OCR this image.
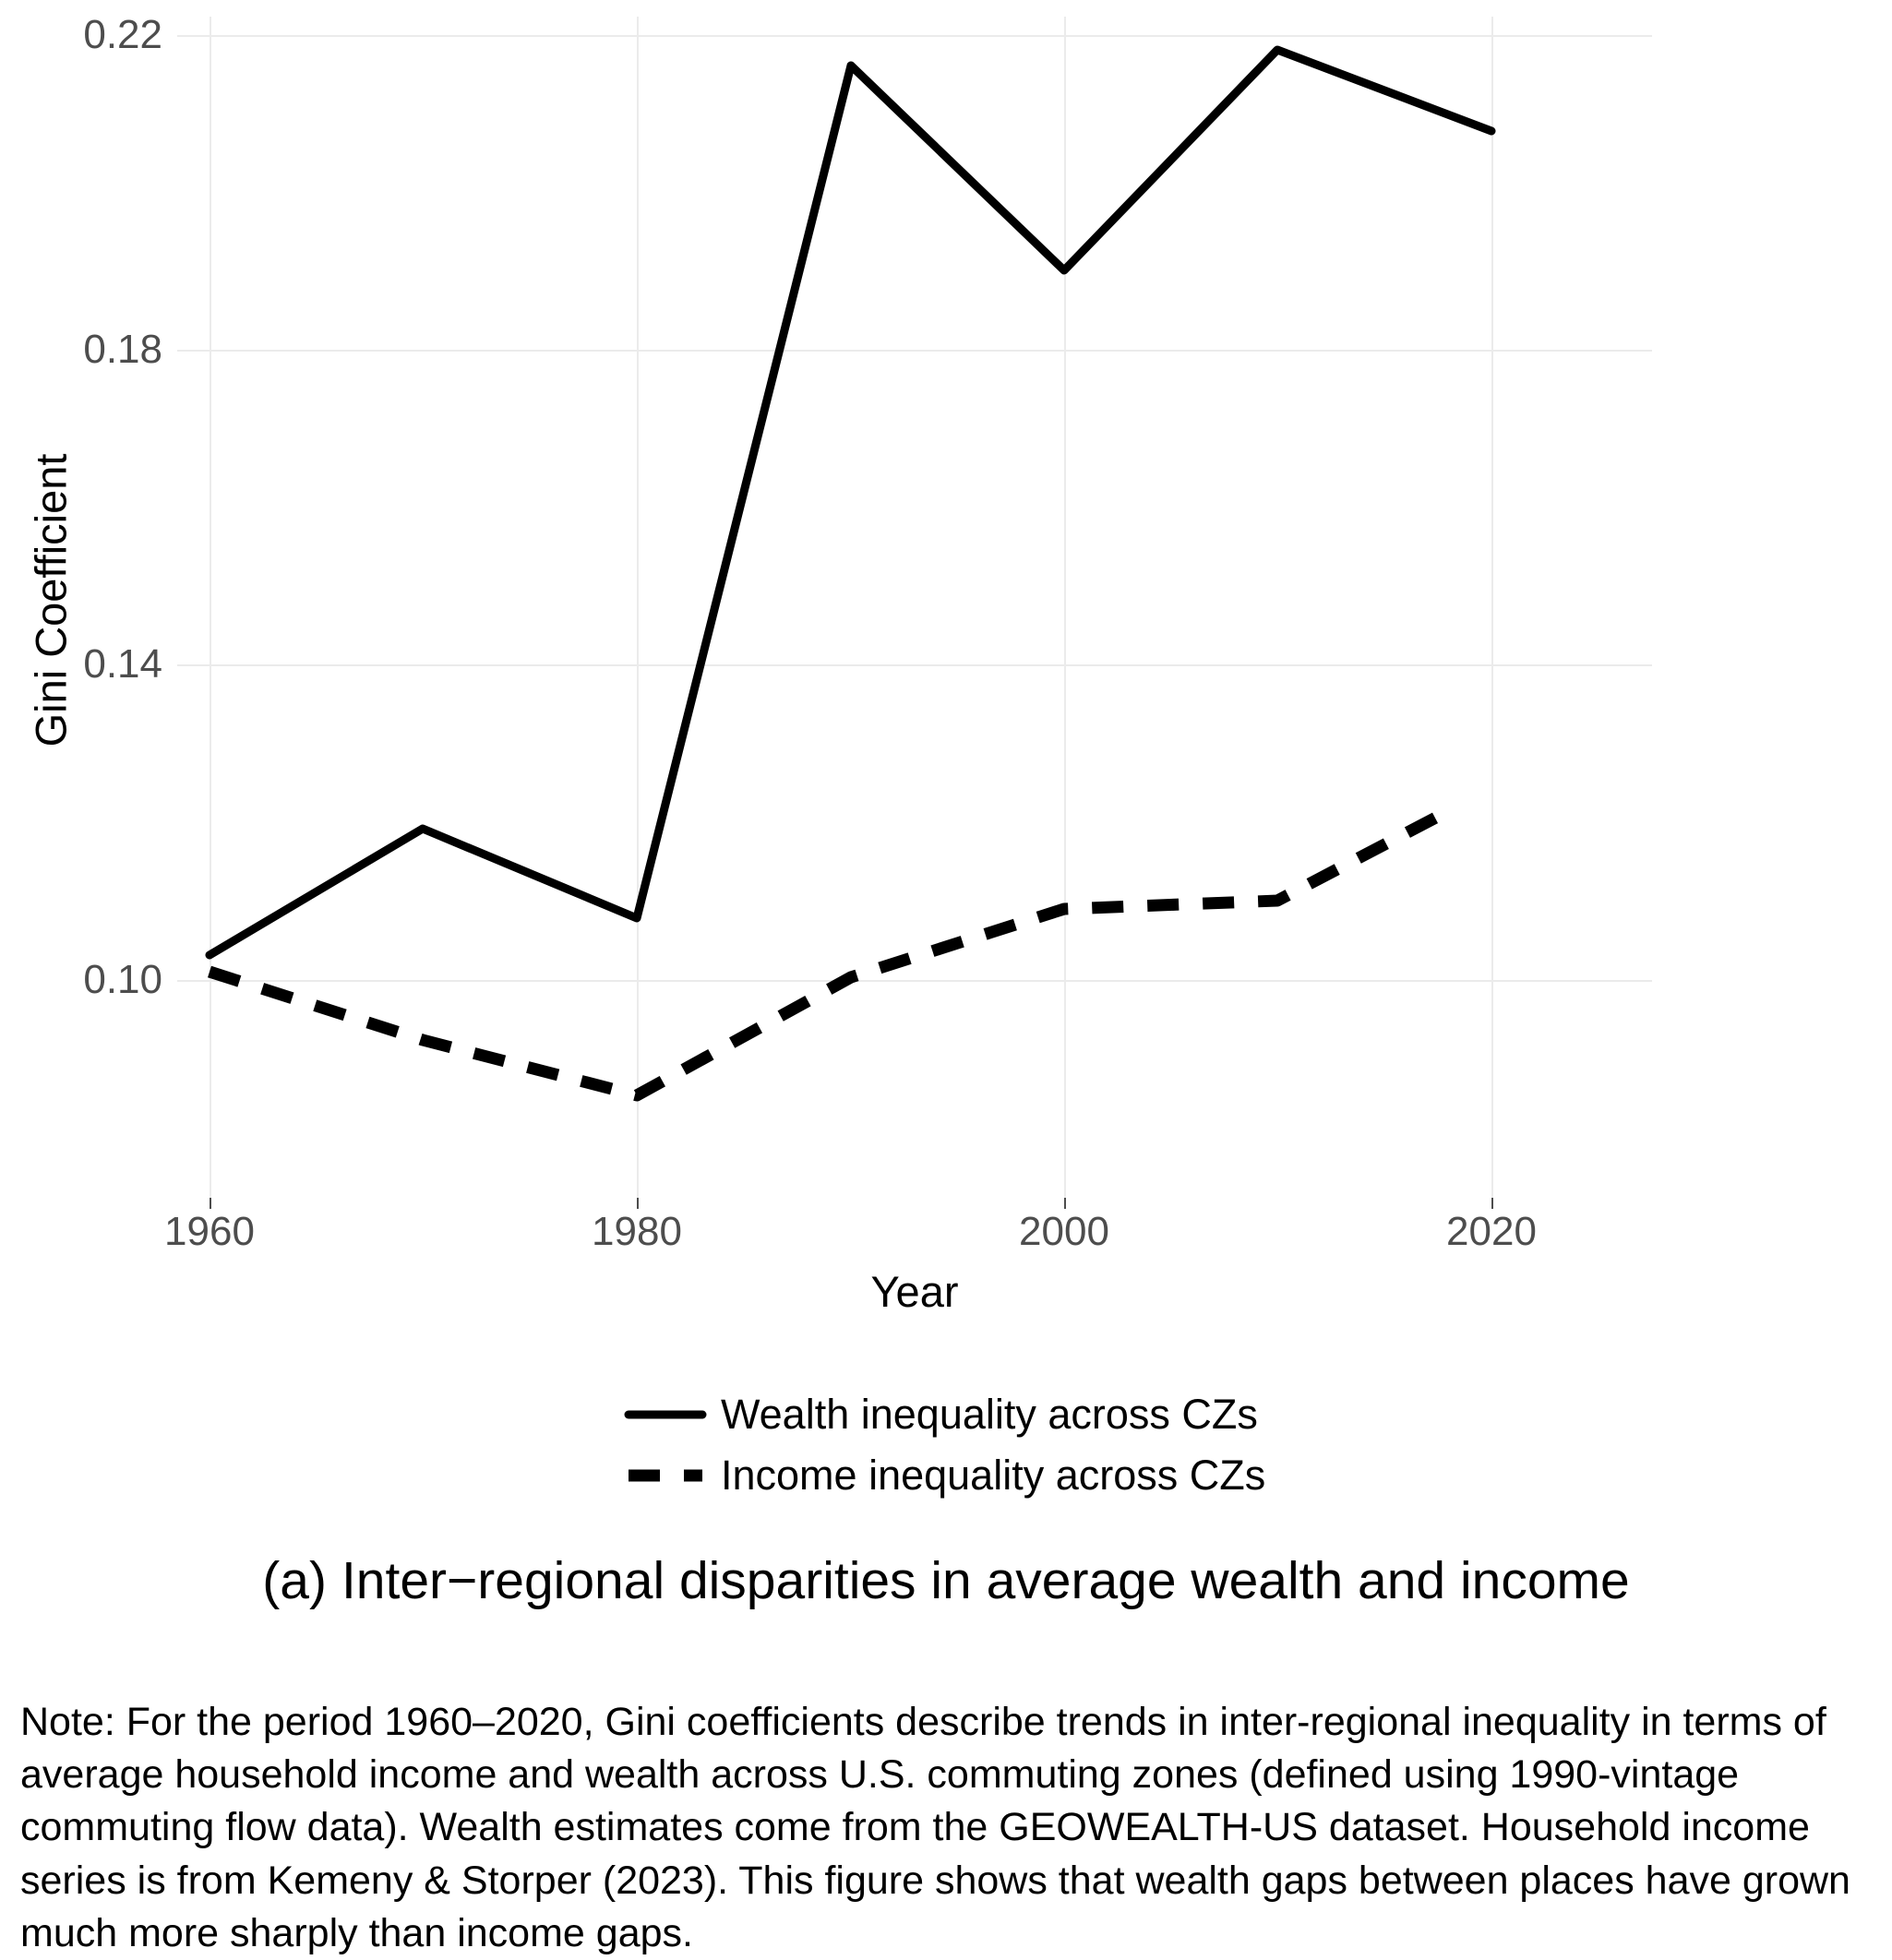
Gini Coefficient
0.22
0.18
0.14
0.10
1960	1980	2000	2020
Year
Wealth inequality across CZs
Income inequality across CZs
(a) Inter−regional disparities in average wealth and income
Note: For the period 1960–2020, Gini coefficients describe trends in inter-regional inequality in terms of average household income and wealth across U.S. commuting zones (defined using 1990-vintage commuting flow data). Wealth estimates come from the GEOWEALTH-US dataset. Household income series is from Kemeny & Storper (2023). This figure shows that wealth gaps between places have grown much more sharply than income gaps.
